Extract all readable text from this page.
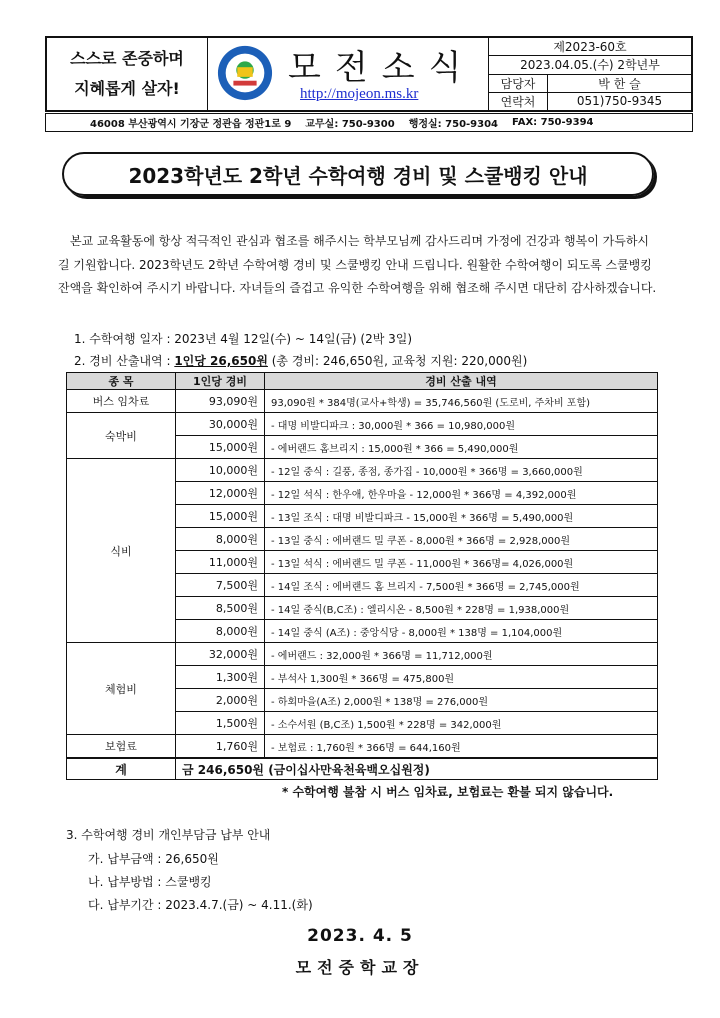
스스로 존중하며
지혜롭게 살자!
모전소식
http://mojeon.ms.kr
제2023-60호
2023.04.05.(수) 2학년부
담당자	박 한 슬
연락처	051)750-9345
46008 부산광역시 기장군 정관읍 정관1로 9 교무실: 750-9300 행정실: 750-9304 FAX: 750-9394
2023학년도 2학년 수학여행 경비 및 스쿨뱅킹 안내
본교 교육활동에 항상 적극적인 관심과 협조를 해주시는 학부모님께 감사드리며 가정에 건강과 행복이 가득하시길 기원합니다. 2023학년도 2학년 수학여행 경비 및 스쿨뱅킹 안내 드립니다. 원활한 수학여행이 되도록 스쿨뱅킹 잔액을 확인하여 주시기 바랍니다. 자녀들의 즐겁고 유익한 수학여행을 위해 협조해 주시면 대단히 감사하겠습니다.
1. 수학여행 일자 : 2023년 4월 12일(수) ~ 14일(금) (2박 3일)
2. 경비 산출내역 : 1인당 26,650원 (총 경비: 246,650원, 교육청 지원: 220,000원)
종 목	1인당 경비	경비 산출 내역
버스 임차료	93,090원	93,090원 * 384명(교사+학생) = 35,746,560원 (도로비, 주차비 포함)
숙박비	30,000원	- 대명 비발디파크 : 30,000원 * 366 = 10,980,000원
	15,000원	- 에버랜드 홈브리지 : 15,000원 * 366 = 5,490,000원
식비	10,000원	- 12일 중식 : 길풍, 종점, 종가집 - 10,000원 * 366명 = 3,660,000원
	12,000원	- 12일 석식 : 한우애, 한우마을 - 12,000원 * 366명 = 4,392,000원
	15,000원	- 13일 조식 : 대명 비발디파크 - 15,000원 * 366명 = 5,490,000원
	8,000원	- 13일 중식 : 에버랜드 밀 쿠폰 - 8,000원 * 366명 = 2,928,000원
	11,000원	- 13일 석식 : 에버랜드 밀 쿠폰 - 11,000원 * 366명= 4,026,000원
	7,500원	- 14일 조식 : 에버랜드 홈 브리지 - 7,500원 * 366명 = 2,745,000원
	8,500원	- 14일 중식(B,C조) : 엘리시온 - 8,500원 * 228명 = 1,938,000원
	8,000원	- 14일 중식 (A조) : 중앙식당 - 8,000원 * 138명 = 1,104,000원
체험비	32,000원	- 에버랜드 : 32,000원 * 366명 = 11,712,000원
	1,300원	- 부석사 1,300원 * 366명 = 475,800원
	2,000원	- 하회마을(A조) 2,000원 * 138명 = 276,000원
	1,500원	- 소수서원 (B,C조) 1,500원 * 228명 = 342,000원
보험료	1,760원	- 보험료 : 1,760원 * 366명 = 644,160원
계	금 246,650원 (금이십사만육천육백오십원정)	
* 수학여행 불참 시 버스 임차료, 보험료는 환불 되지 않습니다.
3. 수학여행 경비 개인부담금 납부 안내
가. 납부금액 : 26,650원
나. 납부방법 : 스쿨뱅킹
다. 납부기간 : 2023.4.7.(금) ~ 4.11.(화)
2023. 4. 5
모전중학교장
